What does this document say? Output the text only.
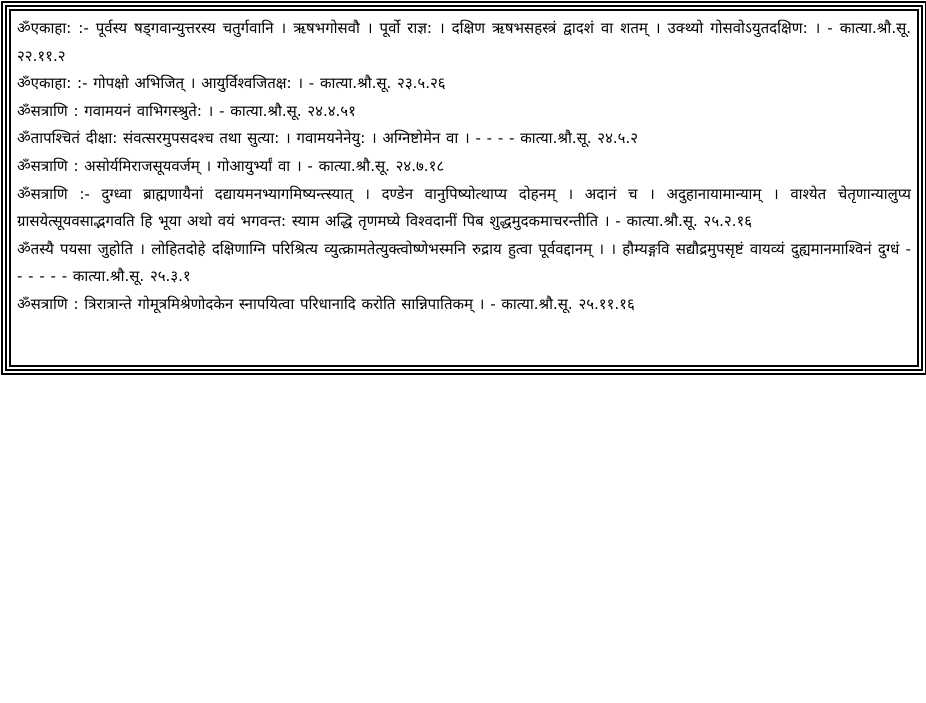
ॐएकाहा: :- पूर्वस्य षड्गवान्युत्तरस्य चतुर्गवानि । ऋषभगोसवौ । पूर्वो राज्ञ: । दक्षिण ऋषभसहस्त्रं द्वादशं वा शतम् । उक्थ्यो गोसवोऽयुतदक्षिण: । - कात्या.श्रौ.सू. २२.११.२

ॐएकाहा: :- गोपक्षो अभिजित् । आयुर्विश्वजितक्ष: । - कात्या.श्रौ.सू. २३.५.२६

ॐसत्राणि : गवामयनं वाभिगस्श्रुते: । - कात्या.श्रौ.सू. २४.४.५१

ॐतापश्चितं दीक्षा: संवत्सरमुपसदश्च तथा सुत्या: । गवामयनेनेयु: । अग्निष्टोमेन वा । - - - - कात्या.श्रौ.सू. २४.५.२

ॐसत्राणि : असोर्यमिराजसूयवर्जम् । गोआयुर्भ्यां वा । - कात्या.श्रौ.सू. २४.७.१८

ॐसत्राणि :- दुग्ध्वा ब्राह्मणायैनां दद्यायमनभ्यागमिष्यन्त्स्यात् । दण्डेन वानुपिष्योत्थाप्य दोहनम् । अदानं च । अदुहानायामान्याम् । वाश्येत चेतृणान्यालुप्य ग्रासयेत्सूयवसाद्भगवति हि भूया अथो वयं भगवन्त: स्याम अद्धि तृणमघ्ये विश्वदानीं पिब शुद्धमुदकमाचरन्तीति । - कात्या.श्रौ.सू. २५.२.१६

ॐतस्यै पयसा जुहोति । लोहितदोहे दक्षिणाग्नि परिश्रित्य व्युत्क्रामतेत्युक्त्वोष्णेभस्मनि रुद्राय हुत्वा पूर्ववद्दानम् । । हौम्यङ्गवि सद्यौद्रमुपसृष्टं वायव्यं दुह्यमानमाश्विनं दुग्धं - - - - - - कात्या.श्रौ.सू. २५.३.१

ॐसत्राणि : त्रिरात्रान्ते गोमूत्रमिश्रेणोदकेन स्नापयित्वा परिधानादि करोति सान्निपातिकम् । - कात्या.श्रौ.सू. २५.११.१६
